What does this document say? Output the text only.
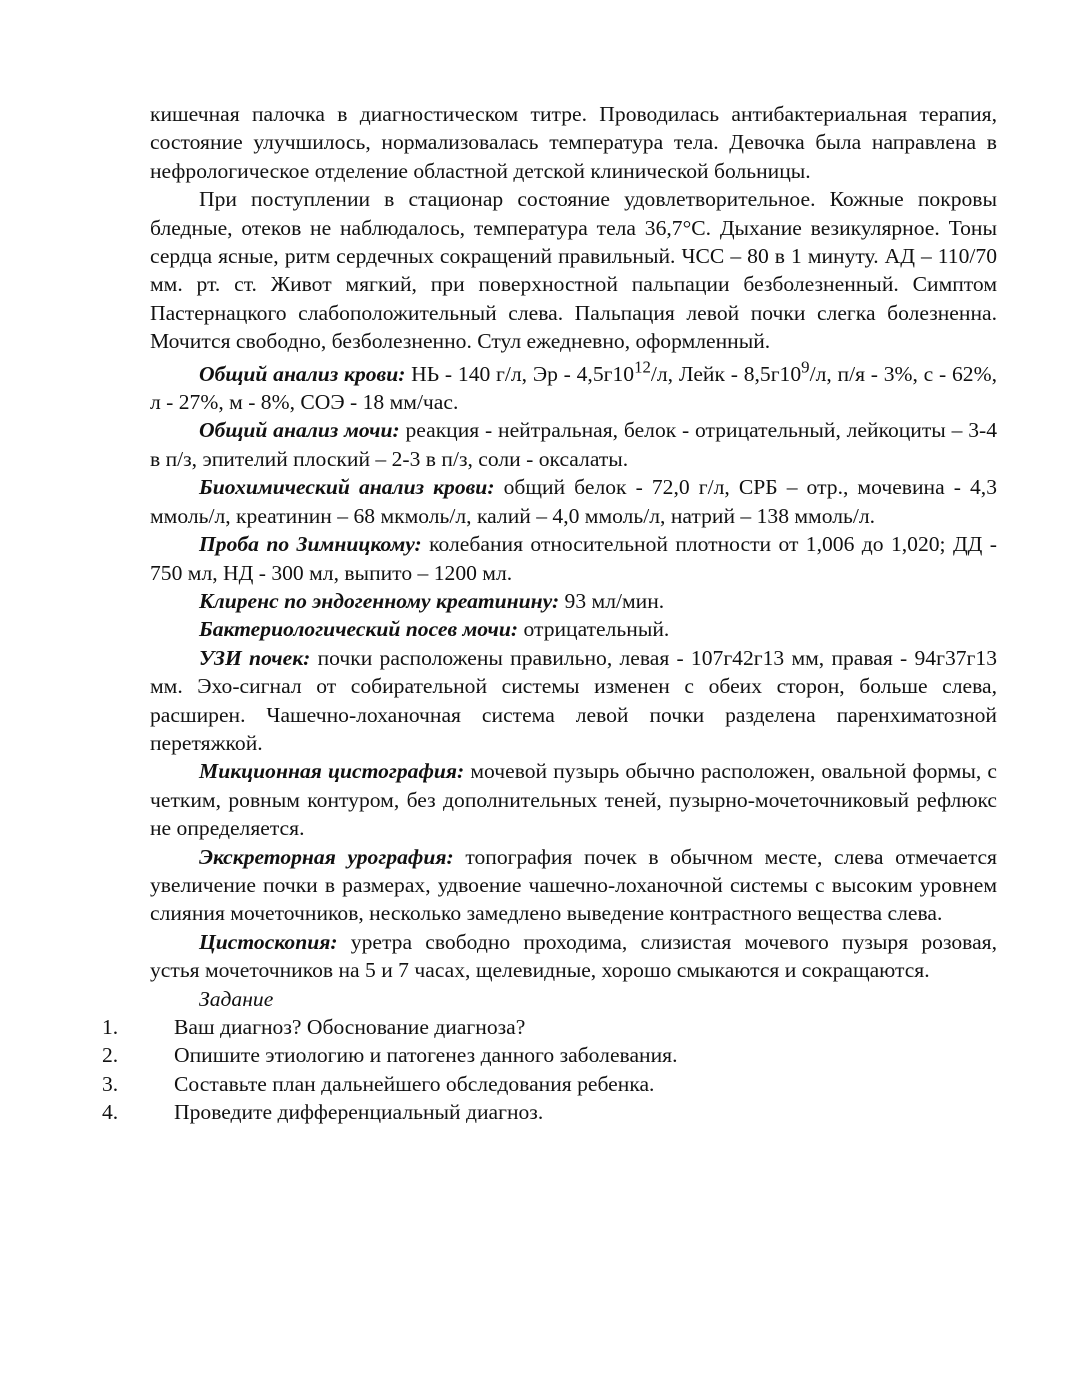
кишечная палочка в диагностическом титре. Проводилась антибактериальная терапия, состояние улучшилось, нормализовалась температура тела. Девочка была направлена в нефрологическое отделение областной детской клинической больницы.

При поступлении в стационар состояние удовлетворительное. Кожные покровы бледные, отеков не наблюдалось, температура тела 36,7°С. Дыхание везикулярное. Тоны сердца ясные, ритм сердечных сокращений правильный. ЧСС – 80 в 1 минуту. АД – 110/70 мм. рт. ст. Живот мягкий, при поверхностной пальпации безболезненный. Симптом Пастернацкого слабоположительный слева. Пальпация левой почки слегка болезненна. Мочится свободно, безболезненно. Стул ежедневно, оформленный.

Общий анализ крови: НЬ - 140 г/л, Эр - $4,5г10^{12}/л$, Лейк - $8,5г10^9/л$, п/я - 3%, с - 62%, л - 27%, м - 8%, СОЭ - 18 мм/час.

Общий анализ мочи: реакция - нейтральная, белок - отрицательный, лейкоциты – 3-4 в п/з, эпителий плоский – 2-3 в п/з, соли - оксалаты.

Биохимический анализ крови: общий белок - 72,0 г/л, СРБ – отр., мочевина - 4,3 ммоль/л, креатинин – 68 мкмоль/л, калий – 4,0 ммоль/л, натрий – 138 ммоль/л.

Проба по Зимницкому: колебания относительной плотности от 1,006 до 1,020; ДД - 750 мл, НД - 300 мл, выпито – 1200 мл.

Клиренс по эндогенному креатинину: 93 мл/мин.

Бактериологический посев мочи: отрицательный.

УЗИ почек: почки расположены правильно, левая - 107г42г13 мм, правая - 94г37г13 мм. Эхо-сигнал от собирательной системы изменен с обеих сторон, больше слева, расширен. Чашечно-лоханочная система левой почки разделена паренхиматозной перетяжкой.

Микционная цистография: мочевой пузырь обычно расположен, овальной формы, с четким, ровным контуром, без дополнительных теней, пузырно-мочеточниковый рефлюкс не определяется.

Экскреторная урография: топография почек в обычном месте, слева отмечается увеличение почки в размерах, удвоение чашечно-лоханочной системы с высоким уровнем слияния мочеточников, несколько замедлено выведение контрастного вещества слева.

Цистоскопия: уретра свободно проходима, слизистая мочевого пузыря розовая, устья мочеточников на 5 и 7 часах, щелевидные, хорошо смыкаются и сокращаются.

Задание

1.	Ваш диагноз? Обоснование диагноза?
2.	Опишите этиологию и патогенез данного заболевания.
3.	Составьте план дальнейшего обследования ребенка.
4.	Проведите дифференциальный диагноз.
